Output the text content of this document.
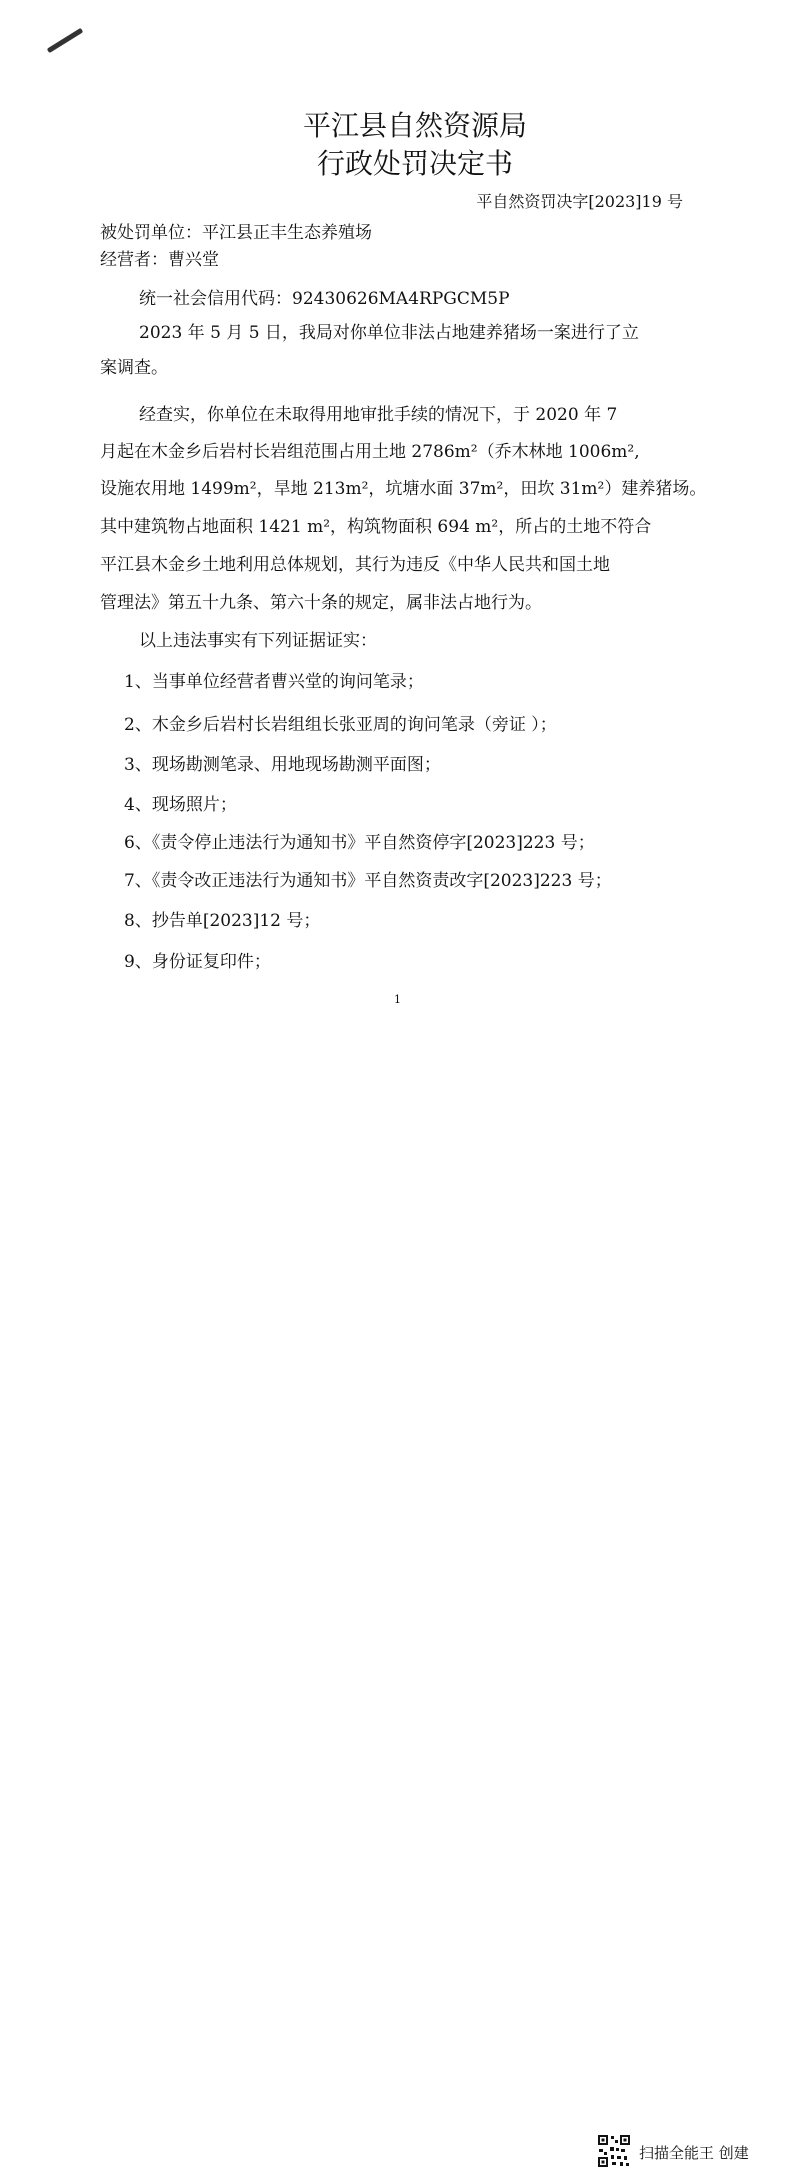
平江县自然资源局
行政处罚决定书
平自然资罚决字[2023]19 号
被处罚单位：平江县正丰生态养殖场
经营者：曹兴堂
统一社会信用代码：92430626MA4RPGCM5P
2023 年 5 月 5 日，我局对你单位非法占地建养猪场一案进行了立
案调查。
经查实，你单位在未取得用地审批手续的情况下，于 2020 年 7
月起在木金乡后岩村长岩组范围占用土地 2786m²（乔木林地 1006m²,
设施农用地 1499m²，旱地 213m²，坑塘水面 37m²，田坎 31m²）建养猪场。
其中建筑物占地面积 1421 m²，构筑物面积 694 m²，所占的土地不符合
平江县木金乡土地利用总体规划，其行为违反《中华人民共和国土地
管理法》第五十九条、第六十条的规定，属非法占地行为。
以上违法事实有下列证据证实：
1、当事单位经营者曹兴堂的询问笔录；
2、木金乡后岩村长岩组组长张亚周的询问笔录（旁证 ）；
3、现场勘测笔录、用地现场勘测平面图；
4、现场照片；
6、《责令停止违法行为通知书》平自然资停字[2023]223 号；
7、《责令改正违法行为通知书》平自然资责改字[2023]223 号；
8、抄告单[2023]12 号；
9、身份证复印件；
1
扫描全能王 创建
